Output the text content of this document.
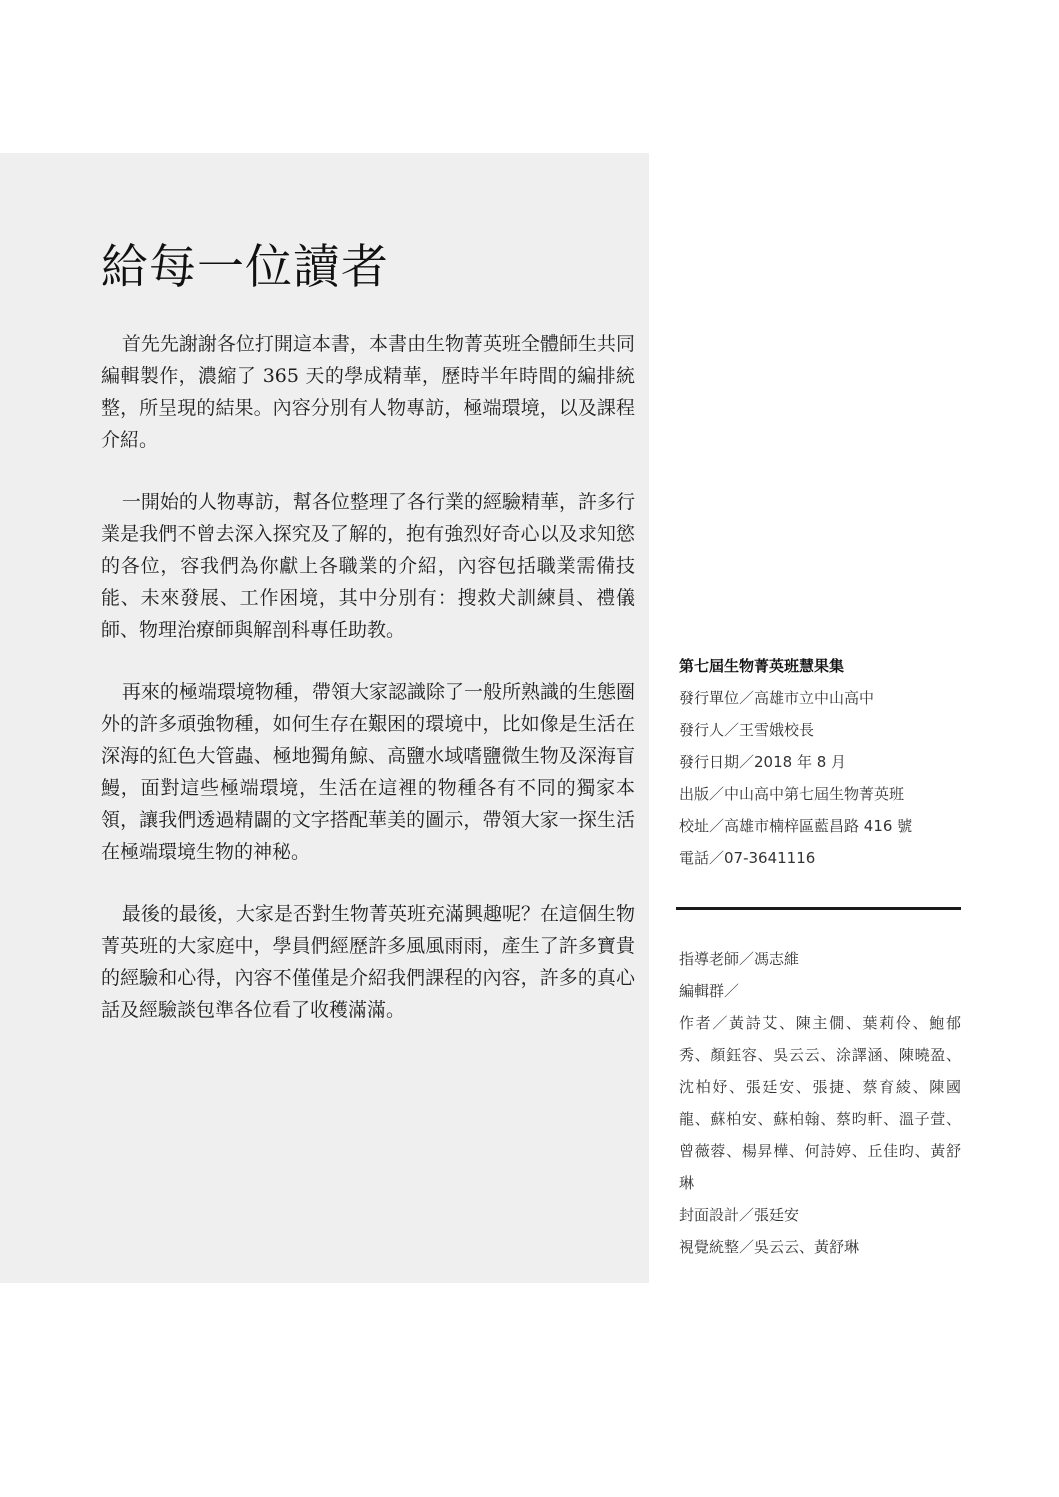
給每一位讀者

首先先謝謝各位打開這本書，本書由生物菁英班全體師生共同編輯製作，濃縮了 365 天的學成精華，歷時半年時間的編排統整，所呈現的結果。內容分別有人物專訪，極端環境，以及課程介紹。

一開始的人物專訪，幫各位整理了各行業的經驗精華，許多行業是我們不曾去深入探究及了解的，抱有強烈好奇心以及求知慾的各位，容我們為你獻上各職業的介紹，內容包括職業需備技能、未來發展、工作困境，其中分別有：搜救犬訓練員、禮儀師、物理治療師與解剖科專任助教。

再來的極端環境物種，帶領大家認識除了一般所熟識的生態圈外的許多頑強物種，如何生存在艱困的環境中，比如像是生活在深海的紅色大管蟲、極地獨角鯨、高鹽水域嗜鹽微生物及深海盲鰻，面對這些極端環境，生活在這裡的物種各有不同的獨家本領，讓我們透過精闢的文字搭配華美的圖示，帶領大家一探生活在極端環境生物的神秘。

最後的最後，大家是否對生物菁英班充滿興趣呢？在這個生物菁英班的大家庭中，學員們經歷許多風風雨雨，產生了許多寶貴的經驗和心得，內容不僅僅是介紹我們課程的內容，許多的真心話及經驗談包準各位看了收穫滿滿。

第七屆生物菁英班慧果集

發行單位／高雄市立中山高中

發行人／王雪娥校長

發行日期／2018 年 8 月

出版／中山高中第七屆生物菁英班

校址／高雄市楠梓區藍昌路 416 號

電話／07-3641116

指導老師／馮志維

編輯群／

作者／黃詩艾、陳主僩、葉莉伶、鮑郁秀、顏鈺容、吳云云、涂譯涵、陳曉盈、沈柏妤、張廷安、張捷、蔡育綾、陳國龍、蘇柏安、蘇柏翰、蔡昀軒、溫子萱、曾薇蓉、楊昇樺、何詩婷、丘佳昀、黃舒琳

封面設計／張廷安

視覺統整／吳云云、黃舒琳
